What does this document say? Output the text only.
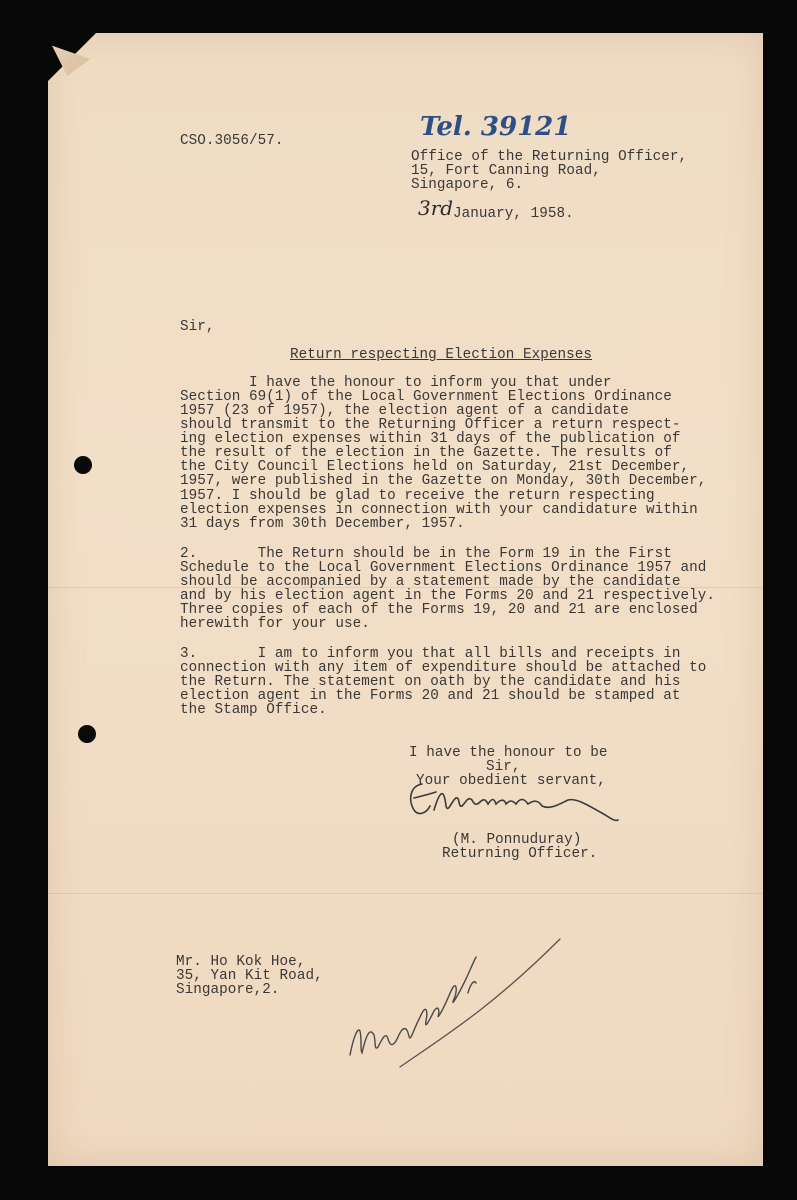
CSO.3056/57.	Tel. 39121
Office of the Returning Officer,
15, Fort Canning Road,
Singapore, 6.
3rd January, 1958.
Sir,
Return respecting Election Expenses
I have the honour to inform you that under
Section 69(1) of the Local Government Elections Ordinance
1957 (23 of 1957), the election agent of a candidate
should transmit to the Returning Officer a return respect-
ing election expenses within 31 days of the publication of
the result of the election in the Gazette. The results of
the City Council Elections held on Saturday, 21st December,
1957, were published in the Gazette on Monday, 30th December,
1957. I should be glad to receive the return respecting
election expenses in connection with your candidature within
31 days from 30th December, 1957.
2.       The Return should be in the Form 19 in the First
Schedule to the Local Government Elections Ordinance 1957 and
should be accompanied by a statement made by the candidate
and by his election agent in the Forms 20 and 21 respectively.
Three copies of each of the Forms 19, 20 and 21 are enclosed
herewith for your use.
3.       I am to inform you that all bills and receipts in
connection with any item of expenditure should be attached to
the Return. The statement on oath by the candidate and his
election agent in the Forms 20 and 21 should be stamped at
the Stamp Office.
I have the honour to be
Sir,
Your obedient servant,
(M. Ponnuduray)
Returning Officer.
Mr. Ho Kok Hoe,
35, Yan Kit Road,
Singapore,2.
